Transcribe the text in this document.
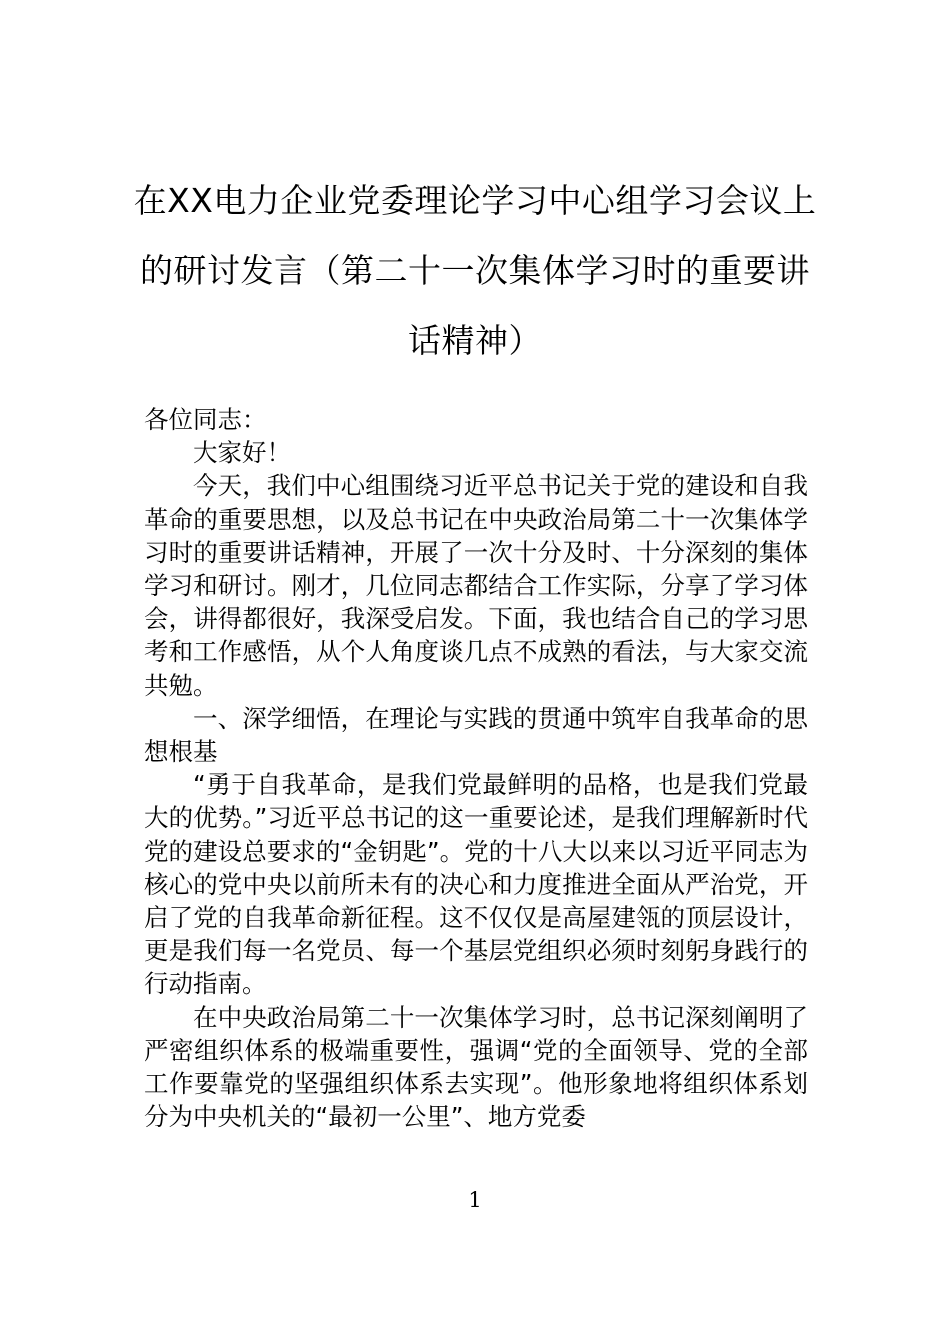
在XX电力企业党委理论学习中心组学习会议上的研讨发言（第二十一次集体学习时的重要讲话精神）

各位同志：

大家好！

今天，我们中心组围绕习近平总书记关于党的建设和自我革命的重要思想，以及总书记在中央政治局第二十一次集体学习时的重要讲话精神，开展了一次十分及时、十分深刻的集体学习和研讨。刚才，几位同志都结合工作实际，分享了学习体会，讲得都很好，我深受启发。下面，我也结合自己的学习思考和工作感悟，从个人角度谈几点不成熟的看法，与大家交流共勉。

一、深学细悟，在理论与实践的贯通中筑牢自我革命的思想根基

“勇于自我革命，是我们党最鲜明的品格，也是我们党最大的优势。”习近平总书记的这一重要论述，是我们理解新时代党的建设总要求的“金钥匙”。党的十八大以来以习近平同志为核心的党中央以前所未有的决心和力度推进全面从严治党，开启了党的自我革命新征程。这不仅仅是高屋建瓴的顶层设计，更是我们每一名党员、每一个基层党组织必须时刻躬身践行的行动指南。

在中央政治局第二十一次集体学习时，总书记深刻阐明了严密组织体系的极端重要性，强调“党的全面领导、党的全部工作要靠党的坚强组织体系去实现”。他形象地将组织体系划分为中央机关的“最初一公里”、地方党委

1
